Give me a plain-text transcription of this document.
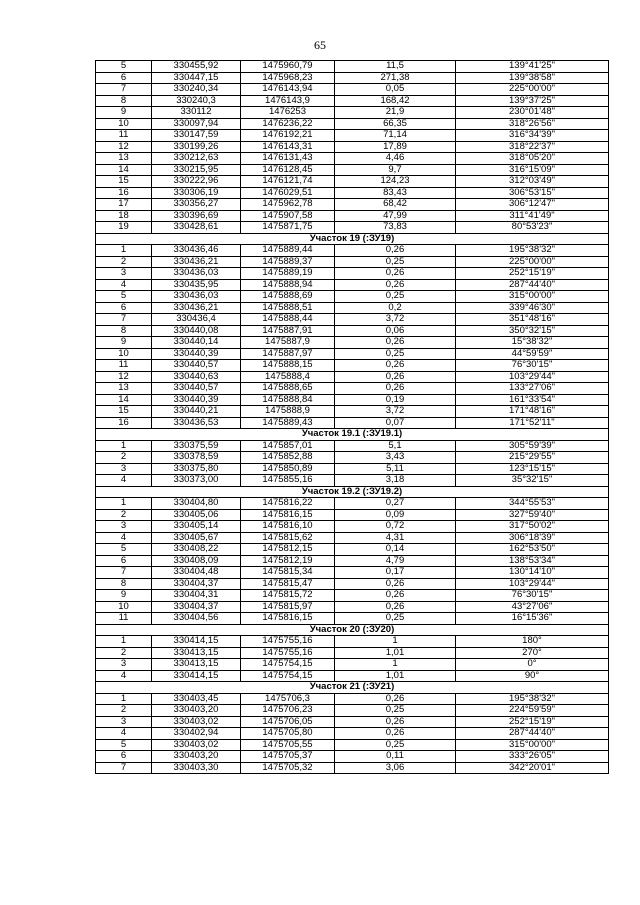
65
5	330455,92	1475960,79	11,5	139°41'25"
6	330447,15	1475968,23	271,38	139°38'58"
7	330240,34	1476143,94	0,05	225°00'00"
8	330240,3	1476143,9	168,42	139°37'25"
9	330112	1476253	21,9	230°01'48"
10	330097,94	1476236,22	66,35	318°26'56"
11	330147,59	1476192,21	71,14	316°34'39"
12	330199,26	1476143,31	17,89	318°22'37"
13	330212,63	1476131,43	4,46	318°05'20"
14	330215,95	1476128,45	9,7	316°15'09"
15	330222,96	1476121,74	124,23	312°03'49"
16	330306,19	1476029,51	83,43	306°53'15"
17	330356,27	1475962,78	68,42	306°12'47"
18	330396,69	1475907,58	47,99	311°41'49"
19	330428,61	1475871,75	73,83	80°53'23"
Участок 19 (:ЗУ19)				
1	330436,46	1475889,44	0,26	195°38'32"
2	330436,21	1475889,37	0,25	225°00'00"
3	330436,03	1475889,19	0,26	252°15'19"
4	330435,95	1475888,94	0,26	287°44'40"
5	330436,03	1475888,69	0,25	315°00'00"
6	330436,21	1475888,51	0,2	339°46'30"
7	330436,4	1475888,44	3,72	351°48'16"
8	330440,08	1475887,91	0,06	350°32'15"
9	330440,14	1475887,9	0,26	15°38'32"
10	330440,39	1475887,97	0,25	44°59'59"
11	330440,57	1475888,15	0,26	76°30'15"
12	330440,63	1475888,4	0,26	103°29'44"
13	330440,57	1475888,65	0,26	133°27'06"
14	330440,39	1475888,84	0,19	161°33'54"
15	330440,21	1475888,9	3,72	171°48'16"
16	330436,53	1475889,43	0,07	171°52'11"
Участок 19.1 (:ЗУ19.1)				
1	330375,59	1475857,01	5,1	305°59'39"
2	330378,59	1475852,88	3,43	215°29'55"
3	330375,80	1475850,89	5,11	123°15'15"
4	330373,00	1475855,16	3,18	35°32'15"
Участок 19.2 (:ЗУ19.2)				
1	330404,80	1475816,22	0,27	344°55'53"
2	330405,06	1475816,15	0,09	327°59'40"
3	330405,14	1475816,10	0,72	317°50'02"
4	330405,67	1475815,62	4,31	306°18'39"
5	330408,22	1475812,15	0,14	162°53'50"
6	330408,09	1475812,19	4,79	138°53'34"
7	330404,48	1475815,34	0,17	130°14'10"
8	330404,37	1475815,47	0,26	103°29'44"
9	330404,31	1475815,72	0,26	76°30'15"
10	330404,37	1475815,97	0,26	43°27'06"
11	330404,56	1475816,15	0,25	16°15'36"
Участок 20 (:ЗУ20)				
1	330414,15	1475755,16	1	180°
2	330413,15	1475755,16	1,01	270°
3	330413,15	1475754,15	1	0°
4	330414,15	1475754,15	1,01	90°
Участок 21 (:ЗУ21)				
1	330403,45	1475706,3	0,26	195°38'32"
2	330403,20	1475706,23	0,25	224°59'59"
3	330403,02	1475706,05	0,26	252°15'19"
4	330402,94	1475705,80	0,26	287°44'40"
5	330403,02	1475705,55	0,25	315°00'00"
6	330403,20	1475705,37	0,11	333°26'05"
7	330403,30	1475705,32	3,06	342°20'01"
